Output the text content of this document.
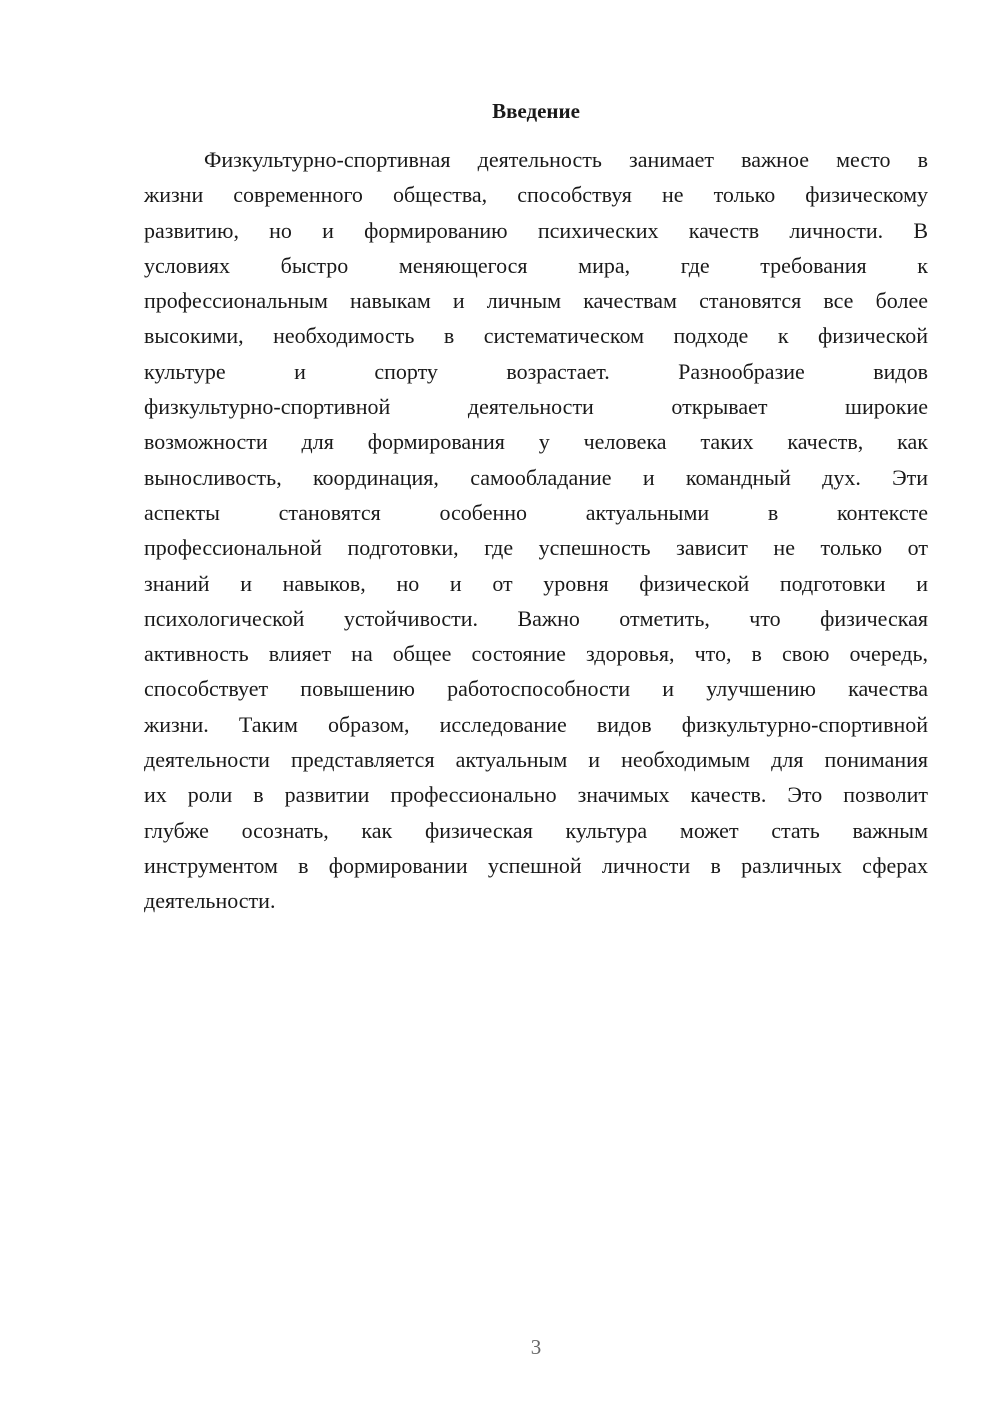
Введение
Физкультурно-спортивная деятельность занимает важное место в
жизни современного общества, способствуя не только физическому
развитию, но и формированию психических качеств личности. В
условиях быстро меняющегося мира, где требования к
профессиональным навыкам и личным качествам становятся все более
высокими, необходимость в систематическом подходе к физической
культуре и спорту возрастает. Разнообразие видов
физкультурно-спортивной деятельности открывает широкие
возможности для формирования у человека таких качеств, как
выносливость, координация, самообладание и командный дух. Эти
аспекты становятся особенно актуальными в контексте
профессиональной подготовки, где успешность зависит не только от
знаний и навыков, но и от уровня физической подготовки и
психологической устойчивости. Важно отметить, что физическая
активность влияет на общее состояние здоровья, что, в свою очередь,
способствует повышению работоспособности и улучшению качества
жизни. Таким образом, исследование видов физкультурно-спортивной
деятельности представляется актуальным и необходимым для понимания
их роли в развитии профессионально значимых качеств. Это позволит
глубже осознать, как физическая культура может стать важным
инструментом в формировании успешной личности в различных сферах
деятельности.
3
